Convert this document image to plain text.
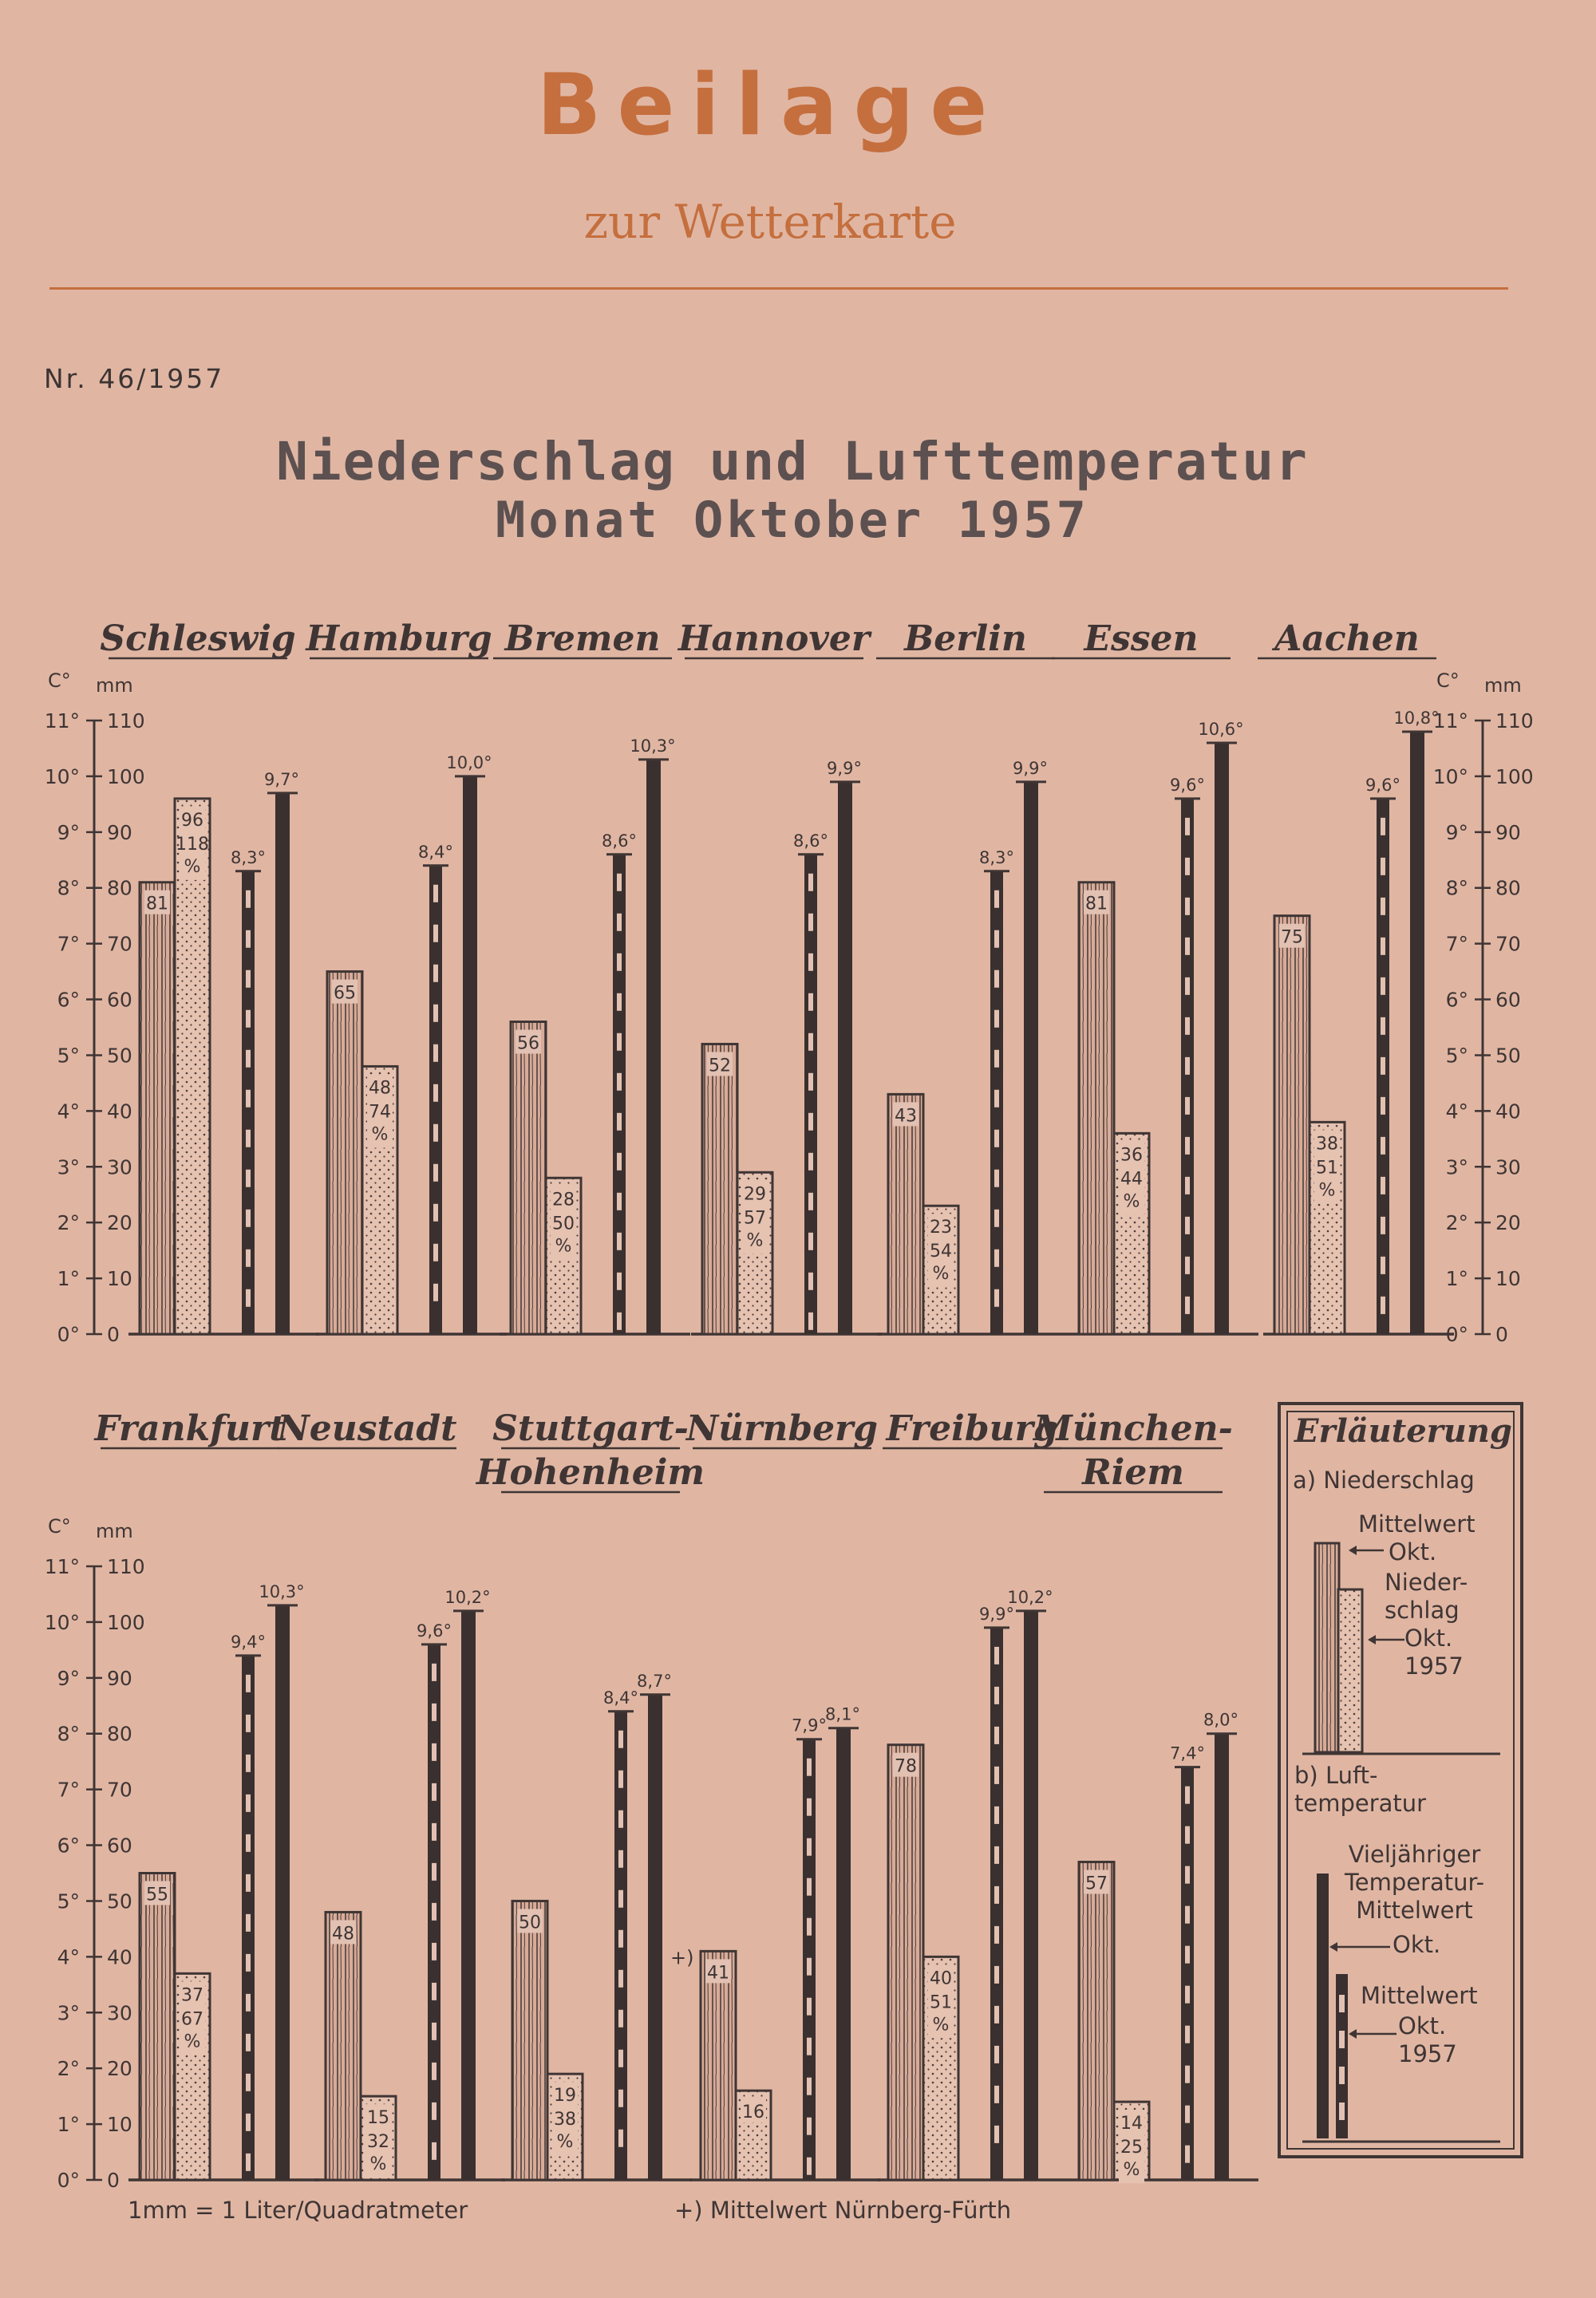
Beilage
zur Wetterkarte
Nr. 46/1957
Niederschlag und Lufttemperatur
Monat Oktober 1957
C° mm
0
0°
10
1°
20
2°
30
3°
40
4°
50
5°
60
6°
70
7°
80
8°
90
9°
100
10°
110
11°
C° mm
0
0°
10
1°
20
2°
30
3°
40
4°
50
5°
60
6°
70
7°
80
8°
90
9°
100
10°
110
11°
C° mm
0
0°
10
1°
20
2°
30
3°
40
4°
50
5°
60
6°
70
7°
80
8°
90
9°
100
10°
110
11°
Schleswig
81
96
118
% 8,3°
9,7°
Hamburg
65
48
74
%
8,4°
10,0°
Bremen
56
28
50
%
8,6°
10,3°
Hannover
52
29
57
%
8,6°
9,9°
Berlin
43
23
54
%
8,3°
9,9°
Essen
81
36
44
%
9,6°
10,6°
Aachen
75
38
51
%
9,6°
10,8°
Frankfurt
55
37
67
%
9,4°
10,3°
Neustadt
48
15
32
%
9,6°
10,2°
Stuttgart-
Hohenheim
50
19
38
%
8,4°
8,7°
Nürnberg
41
16
+)
7,9°
8,1°
Freiburg
78
40
51
%
9,9°
10,2°
München-
Riem
57
14
25
%
7,4°
8,0°
1mm = 1 Liter/Quadratmeter	+) Mittelwert Nürnberg-Fürth
Erläuterung
a) Niederschlag
Mittelwert
Okt.
Nieder-schlag
Okt. 1957
b) Luft-temperatur
Vieljähriger Temperatur-Mittelwert
Okt.
Mittelwert
Okt. 1957
